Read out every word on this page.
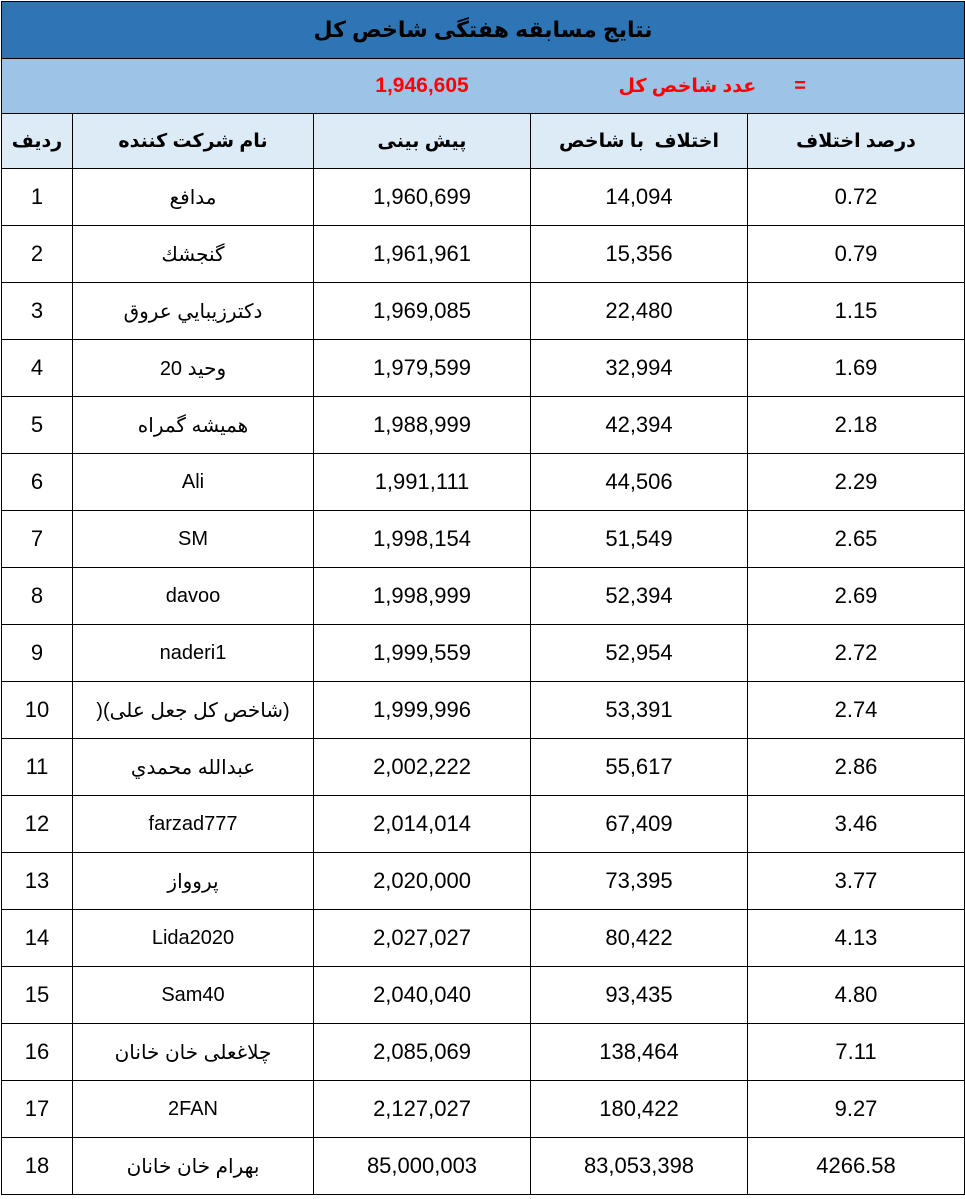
نتایج مسابقه هفتگی شاخص کل				
		1,946,605	عدد شاخص کل =	
ردیف	نام شرکت کننده	پیش بینی	اختلاف  با شاخص	درصد اختلاف
1	مدافع	1,960,699	14,094	0.72
2	گنجشك	1,961,961	15,356	0.79
3	دكترزيبايي عروق	1,969,085	22,480	1.15
4	وحید 20	1,979,599	32,994	1.69
5	همیشه گمراه	1,988,999	42,394	2.18
6	Ali	1,991,111	44,506	2.29
7	SM	1,998,154	51,549	2.65
8	davoo	1,998,999	52,394	2.69
9	naderi1	1,999,559	52,954	2.72
10	(شاخص کل جعل علی)(	1,999,996	53,391	2.74
11	عبدالله محمدي	2,002,222	55,617	2.86
12	farzad777	2,014,014	67,409	3.46
13	پروواز	2,020,000	73,395	3.77
14	Lida2020	2,027,027	80,422	4.13
15	Sam40	2,040,040	93,435	4.80
16	چلاغعلی خان خانان	2,085,069	138,464	7.11
17	2FAN	2,127,027	180,422	9.27
18	بهرام خان خانان	85,000,003	83,053,398	4266.58
